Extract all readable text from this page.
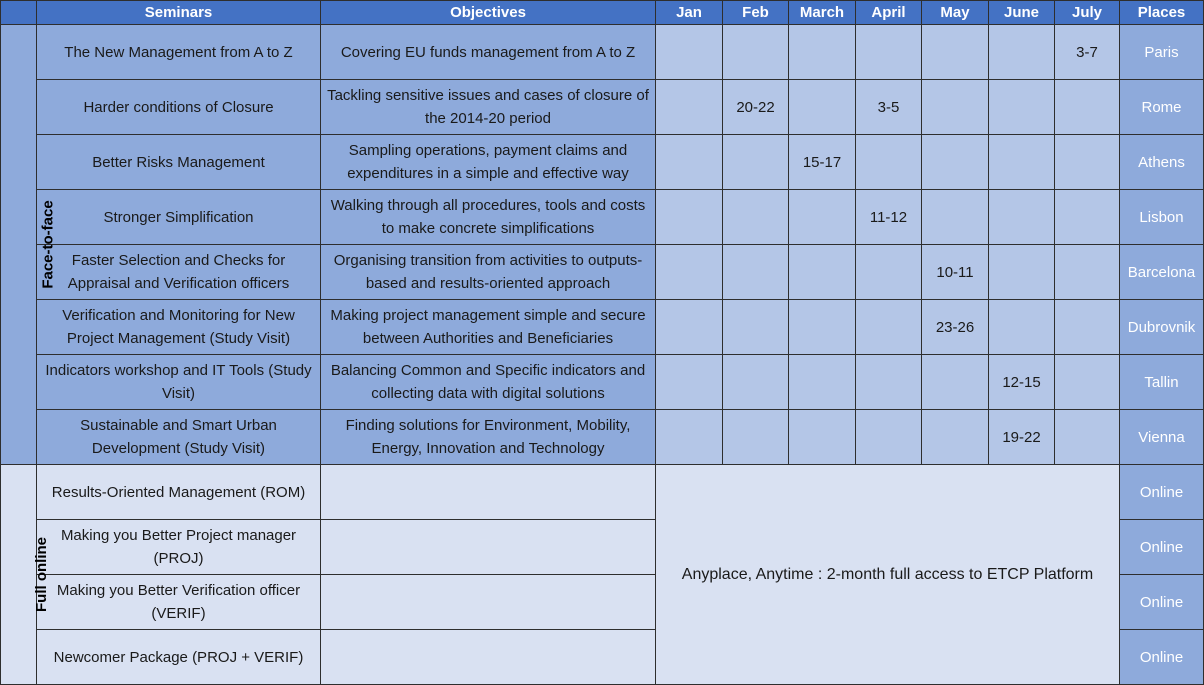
	Seminars	Objectives	Jan	Feb	March	April	May	June	July	Places
Face-to-face	The New Management from A to Z	Covering EU funds management from A to Z							3-7	Paris
	Harder conditions of Closure	Tackling sensitive issues and cases of closure of the 2014-20 period		20-22		3-5				Rome
	Better Risks Management	Sampling operations, payment claims and expenditures in a simple and effective way			15-17					Athens
	Stronger Simplification	Walking through all procedures, tools and costs to make concrete simplifications				11-12				Lisbon
	Faster Selection and Checks for Appraisal and Verification officers	Organising transition from activities to outputs-based and results-oriented approach					10-11			Barcelona
	Verification and Monitoring for New Project Management (Study Visit)	Making project management simple and secure between Authorities and Beneficiaries					23-26			Dubrovnik
	Indicators workshop and IT Tools (Study Visit)	Balancing Common and Specific indicators and collecting data with digital solutions						12-15		Tallin
	Sustainable and Smart Urban Development (Study Visit)	Finding solutions for Environment, Mobility, Energy, Innovation and Technology						19-22		Vienna
Full online	Results-Oriented Management (ROM)		Anyplace, Anytime : 2-month full access to ETCP Platform							Online
	Making you Better Project manager (PROJ)									Online
	Making you Better Verification officer (VERIF)									Online
	Newcomer Package (PROJ + VERIF)									Online
